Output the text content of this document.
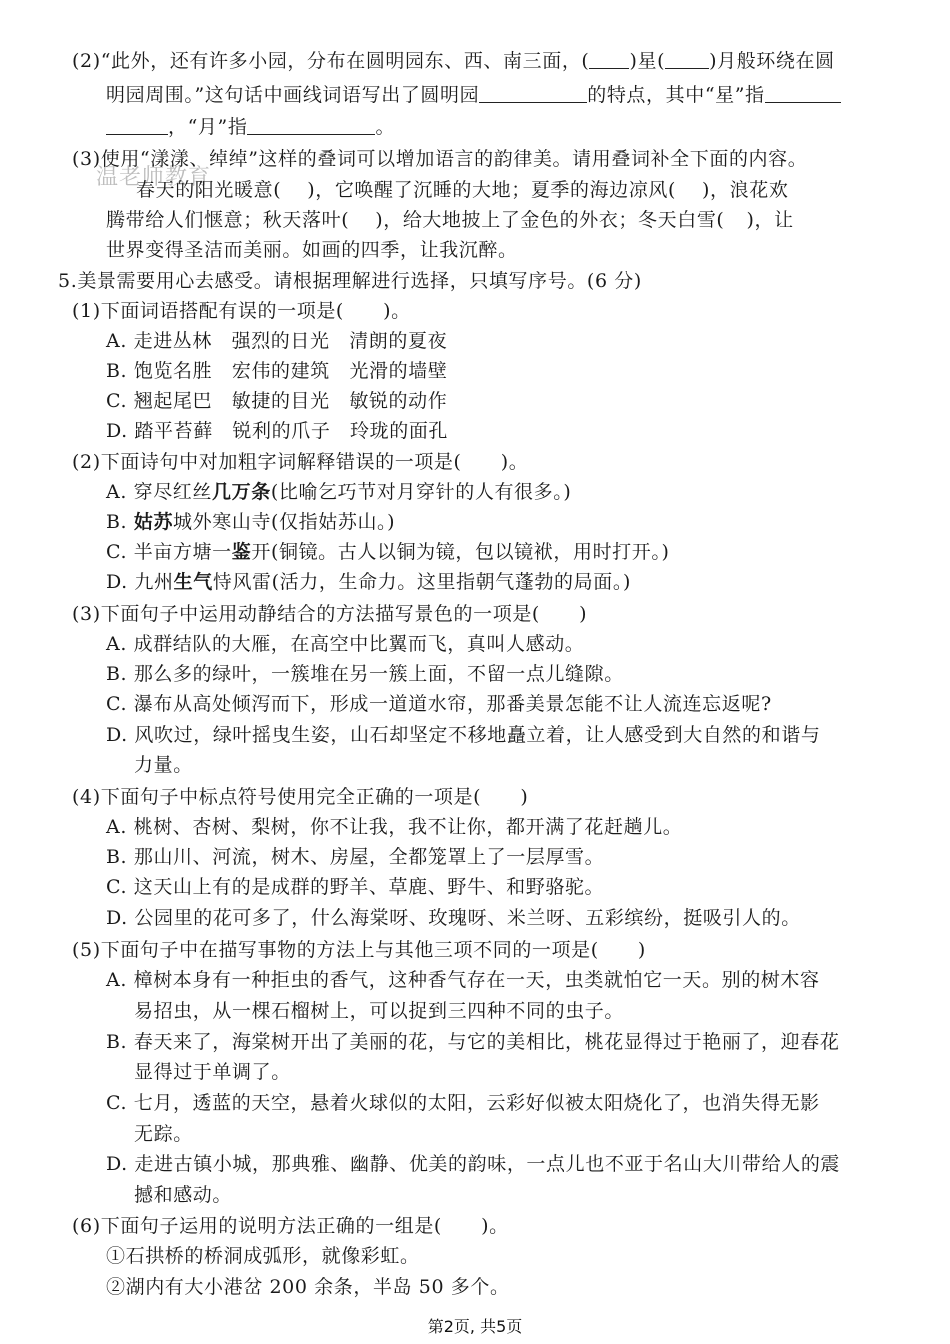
温老师教育
(2)“此外，还有许多小园，分布在圆明园东、西、南三面，( )星( )月般环绕在圆
明园周围。”这句话中画线词语写出了圆明园	的特点，其中“星”指
，“月”指	。
(3)使用“漾漾、绰绰”这样的叠词可以增加语言的韵律美。请用叠词补全下面的内容。
春天的阳光暖意( )，它唤醒了沉睡的大地；夏季的海边凉风( )，浪花欢
腾带给人们惬意；秋天落叶( )，给大地披上了金色的外衣；冬天白雪( )，让
世界变得圣洁而美丽。如画的四季，让我沉醉。
5.美景需要用心去感受。请根据理解进行选择，只填写序号。(6 分)
(1)下面词语搭配有误的一项是(　　)。
A. 走进丛林　强烈的日光　清朗的夏夜
B. 饱览名胜　宏伟的建筑　光滑的墙壁
C. 翘起尾巴　敏捷的目光　敏锐的动作
D. 踏平苔藓　锐利的爪子　玲珑的面孔
(2)下面诗句中对加粗字词解释错误的一项是(　　)。
A. 穿尽红丝几万条(比喻乞巧节对月穿针的人有很多。)
B. 姑苏城外寒山寺(仅指姑苏山。)
C. 半亩方塘一鉴开(铜镜。古人以铜为镜，包以镜袱，用时打开。)
D. 九州生气恃风雷(活力，生命力。这里指朝气蓬勃的局面。)
(3)下面句子中运用动静结合的方法描写景色的一项是(　　)
A. 成群结队的大雁，在高空中比翼而飞，真叫人感动。
B. 那么多的绿叶，一簇堆在另一簇上面，不留一点儿缝隙。
C. 瀑布从高处倾泻而下，形成一道道水帘，那番美景怎能不让人流连忘返呢?
D. 风吹过，绿叶摇曳生姿，山石却坚定不移地矗立着，让人感受到大自然的和谐与
力量。
(4)下面句子中标点符号使用完全正确的一项是(　　)
A. 桃树、杏树、梨树，你不让我，我不让你，都开满了花赶趟儿。
B. 那山川、河流，树木、房屋，全都笼罩上了一层厚雪。
C. 这天山上有的是成群的野羊、草鹿、野牛、和野骆驼。
D. 公园里的花可多了，什么海棠呀、玫瑰呀、米兰呀、五彩缤纷，挺吸引人的。
(5)下面句子中在描写事物的方法上与其他三项不同的一项是(　　)
A. 樟树本身有一种拒虫的香气，这种香气存在一天，虫类就怕它一天。别的树木容
易招虫，从一棵石榴树上，可以捉到三四种不同的虫子。
B. 春天来了，海棠树开出了美丽的花，与它的美相比，桃花显得过于艳丽了，迎春花
显得过于单调了。
C. 七月，透蓝的天空，悬着火球似的太阳，云彩好似被太阳烧化了，也消失得无影
无踪。
D. 走进古镇小城，那典雅、幽静、优美的韵味，一点儿也不亚于名山大川带给人的震
撼和感动。
(6)下面句子运用的说明方法正确的一组是(　　)。
①石拱桥的桥洞成弧形，就像彩虹。
②湖内有大小港岔 200 余条，半岛 50 多个。
第2页, 共5页
